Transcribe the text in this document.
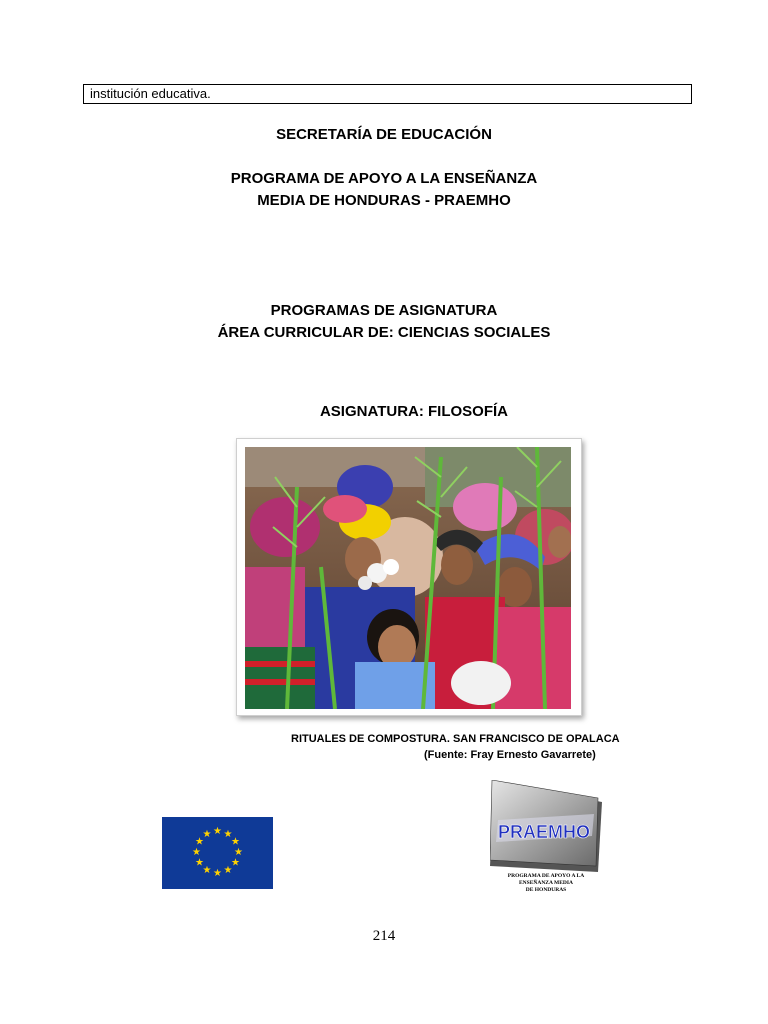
institución educativa.
SECRETARÍA DE EDUCACIÓN
PROGRAMA DE APOYO A LA ENSEÑANZA
MEDIA DE HONDURAS - PRAEMHO
PROGRAMAS DE ASIGNATURA
ÁREA CURRICULAR DE: CIENCIAS SOCIALES
ASIGNATURA: FILOSOFÍA
RITUALES DE COMPOSTURA. SAN FRANCISCO DE OPALACA
(Fuente: Fray Ernesto Gavarrete)
★ ★
★
★
★
★
★
★
★
★
★
★	PRAEMHO
PROGRAMA DE APOYO A LA
ENSEÑANZA MEDIA
DE HONDURAS
214
